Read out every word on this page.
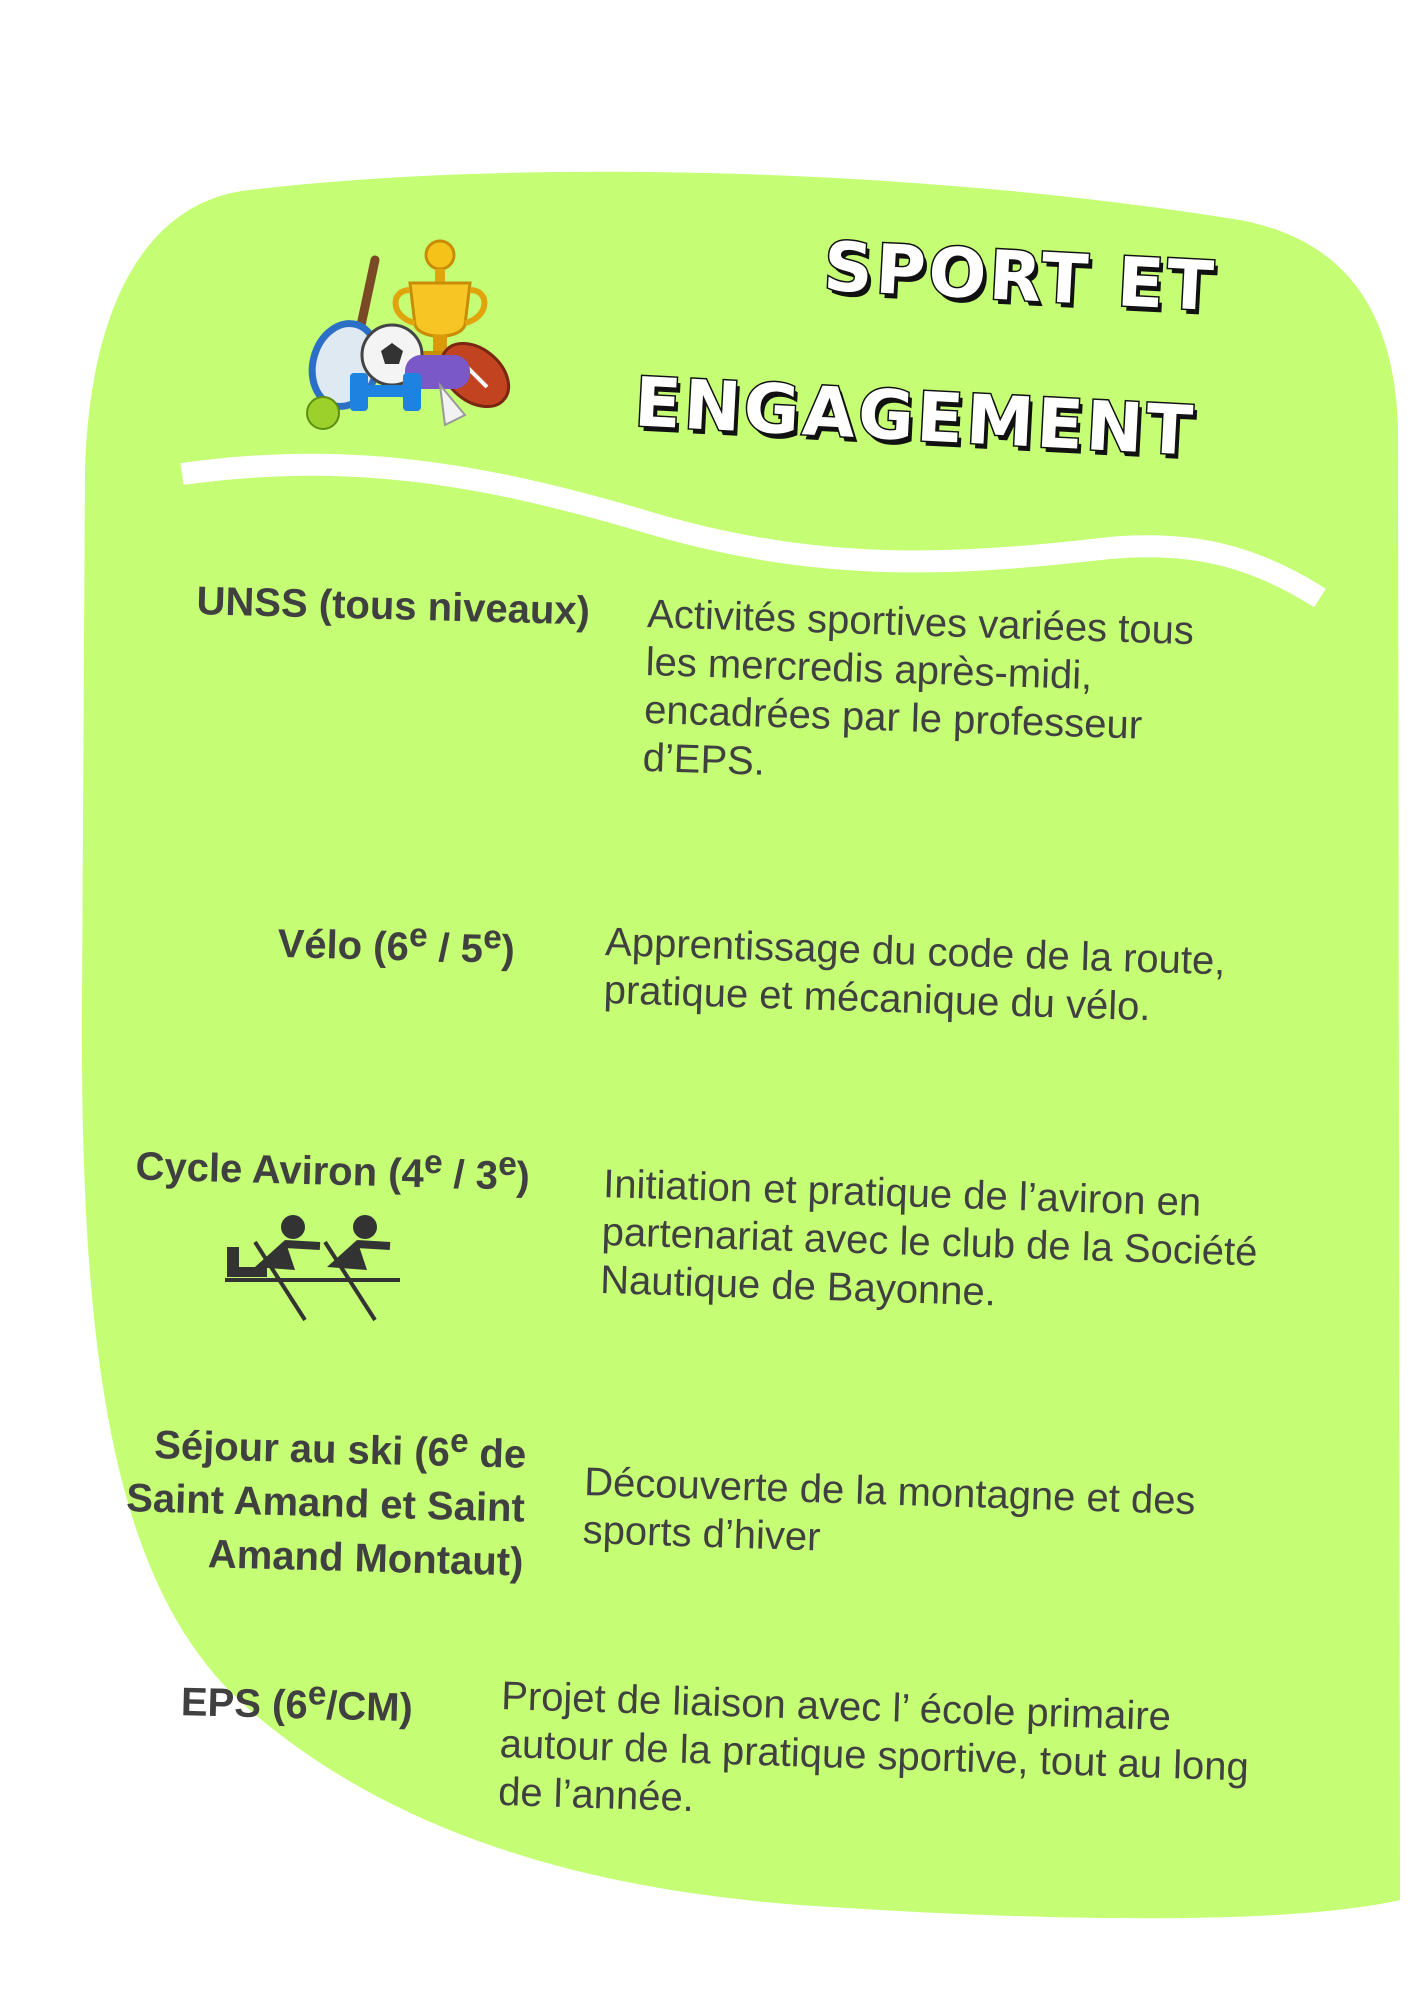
SPORT ET
ENGAGEMENT
UNSS (tous niveaux) Activités sportives variées tous les mercredis après-midi, encadrées par le professeur d’EPS.
Vélo (6e / 5e) Apprentissage du code de la route, pratique et mécanique du vélo.
Cycle Aviron (4e / 3e) Initiation et pratique de l’aviron en partenariat avec le club de la Société Nautique de Bayonne.
Séjour au ski (6e de
Saint Amand et Saint
Amand Montaut)
Découverte de la montagne et des sports d’hiver
EPS (6e/CM) Projet de liaison avec l’ école primaire autour de la pratique sportive, tout au long de l’année.
